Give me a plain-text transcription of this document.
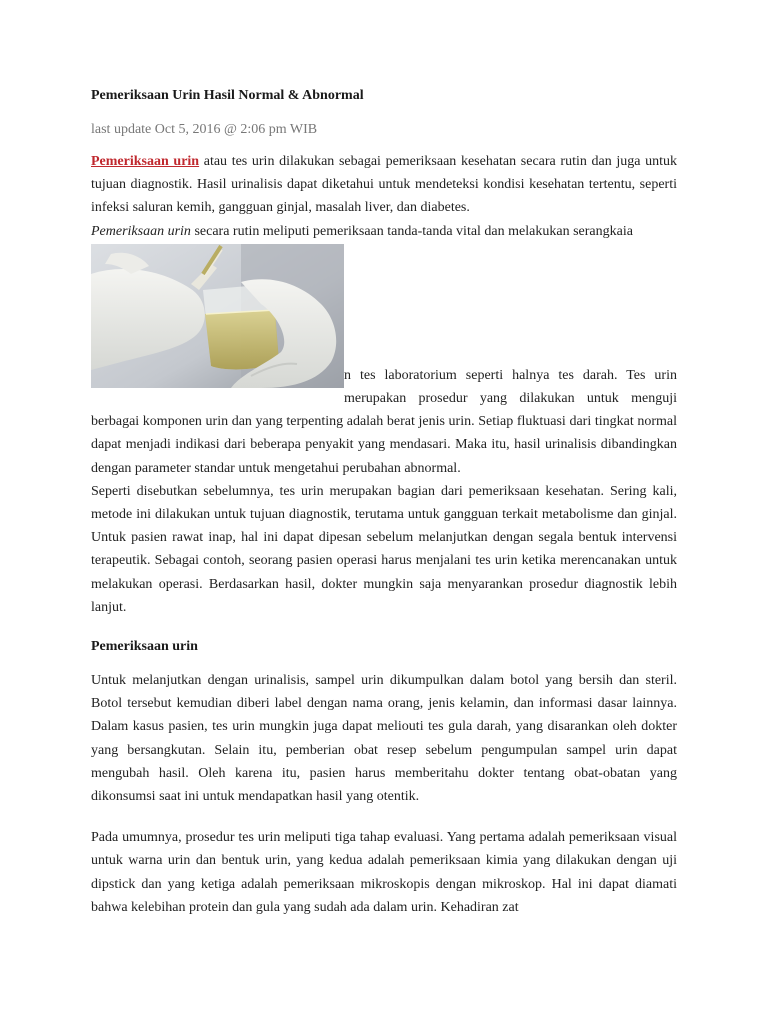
Pemeriksaan Urin Hasil Normal & Abnormal
last update Oct 5, 2016 @ 2:06 pm WIB

Pemeriksaan urin atau tes urin dilakukan sebagai pemeriksaan kesehatan secara rutin dan juga untuk tujuan diagnostik. Hasil urinalisis dapat diketahui untuk mendeteksi kondisi kesehatan tertentu, seperti infeksi saluran kemih, gangguan ginjal, masalah liver, dan diabetes.

Pemeriksaan urin secara rutin meliputi pemeriksaan tanda-tanda vital dan melakukan serangkaia

n tes laboratorium seperti halnya tes darah. Tes urin merupakan prosedur yang dilakukan untuk menguji berbagai komponen urin dan yang terpenting adalah berat jenis urin. Setiap fluktuasi dari tingkat normal dapat menjadi indikasi dari beberapa penyakit yang mendasari. Maka itu, hasil urinalisis dibandingkan dengan parameter standar untuk mengetahui perubahan abnormal.

Seperti disebutkan sebelumnya, tes urin merupakan bagian dari pemeriksaan kesehatan. Sering kali, metode ini dilakukan untuk tujuan diagnostik, terutama untuk gangguan terkait metabolisme dan ginjal. Untuk pasien rawat inap, hal ini dapat dipesan sebelum melanjutkan dengan segala bentuk intervensi terapeutik. Sebagai contoh, seorang pasien operasi harus menjalani tes urin ketika merencanakan untuk melakukan operasi. Berdasarkan hasil, dokter mungkin saja menyarankan prosedur diagnostik lebih lanjut.

Pemeriksaan urin

Untuk melanjutkan dengan urinalisis, sampel urin dikumpulkan dalam botol yang bersih dan steril. Botol tersebut kemudian diberi label dengan nama orang, jenis kelamin, dan informasi dasar lainnya. Dalam kasus pasien, tes urin mungkin juga dapat meliouti tes gula darah, yang disarankan oleh dokter yang bersangkutan. Selain itu, pemberian obat resep sebelum pengumpulan sampel urin dapat mengubah hasil. Oleh karena itu, pasien harus memberitahu dokter tentang obat-obatan yang dikonsumsi saat ini untuk mendapatkan hasil yang otentik.

Pada umumnya, prosedur tes urin meliputi tiga tahap evaluasi. Yang pertama adalah pemeriksaan visual untuk warna urin dan bentuk urin, yang kedua adalah pemeriksaan kimia yang dilakukan dengan uji dipstick dan yang ketiga adalah pemeriksaan mikroskopis dengan mikroskop. Hal ini dapat diamati bahwa kelebihan protein dan gula yang sudah ada dalam urin. Kehadiran zat
